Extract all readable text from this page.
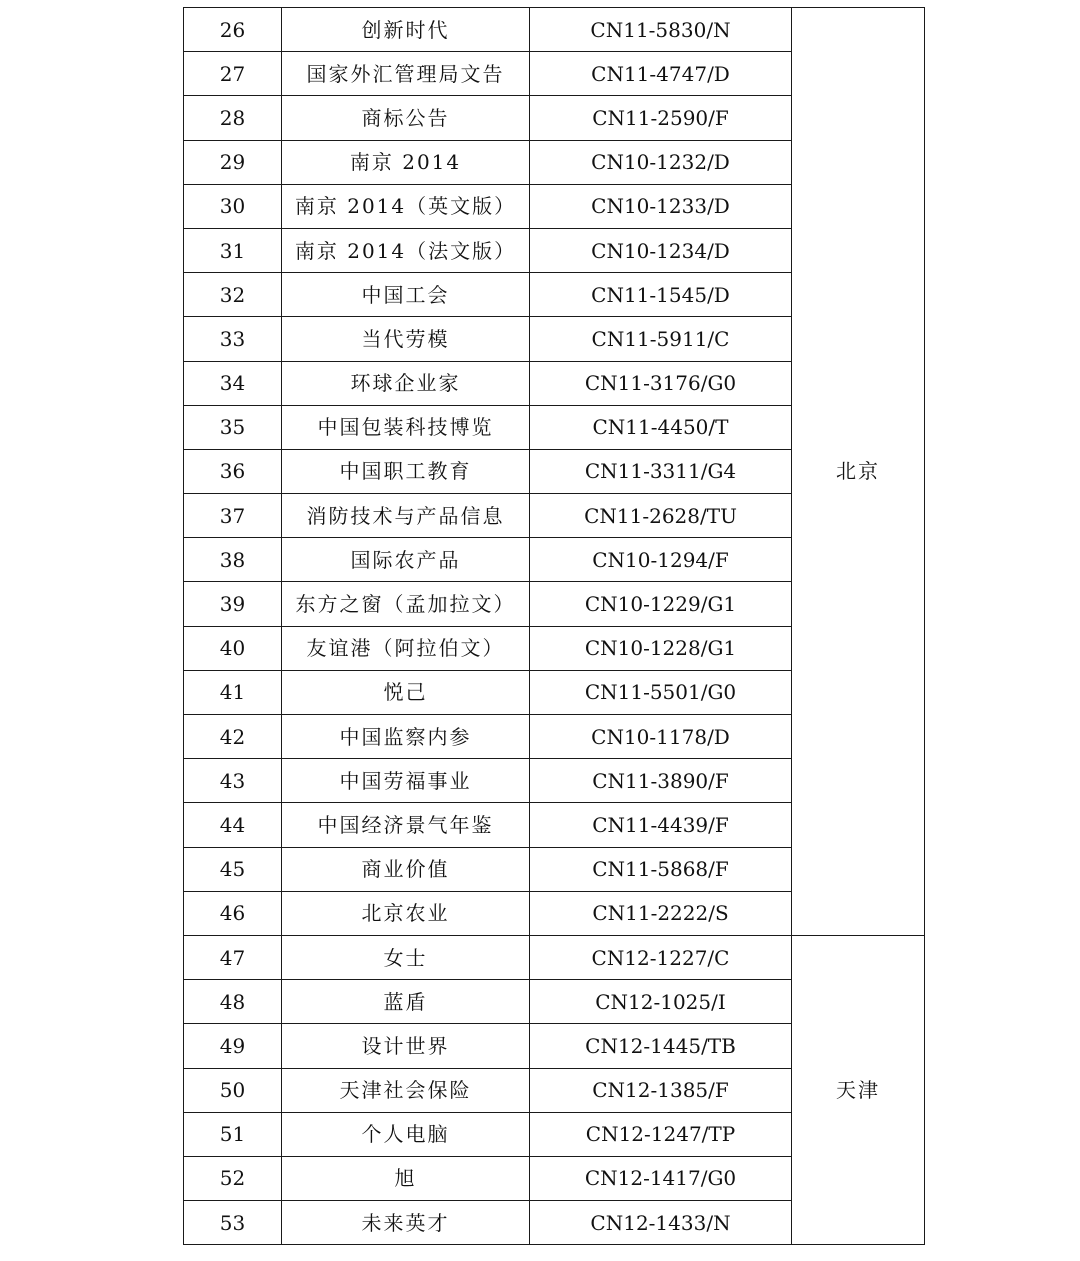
26	创新时代	CN11-5830/N	北京
27	国家外汇管理局文告	CN11-4747/D	
28	商标公告	CN11-2590/F	
29	南京 2014	CN10-1232/D	
30	南京 2014（英文版）	CN10-1233/D	
31	南京 2014（法文版）	CN10-1234/D	
32	中国工会	CN11-1545/D	
33	当代劳模	CN11-5911/C	
34	环球企业家	CN11-3176/G0	
35	中国包装科技博览	CN11-4450/T	
36	中国职工教育	CN11-3311/G4	
37	消防技术与产品信息	CN11-2628/TU	
38	国际农产品	CN10-1294/F	
39	东方之窗（孟加拉文）	CN10-1229/G1	
40	友谊港（阿拉伯文）	CN10-1228/G1	
41	悦己	CN11-5501/G0	
42	中国监察内参	CN10-1178/D	
43	中国劳福事业	CN11-3890/F	
44	中国经济景气年鉴	CN11-4439/F	
45	商业价值	CN11-5868/F	
46	北京农业	CN11-2222/S	
47	女士	CN12-1227/C	天津
48	蓝盾	CN12-1025/I	
49	设计世界	CN12-1445/TB	
50	天津社会保险	CN12-1385/F	
51	个人电脑	CN12-1247/TP	
52	旭	CN12-1417/G0	
53	未来英才	CN12-1433/N	
